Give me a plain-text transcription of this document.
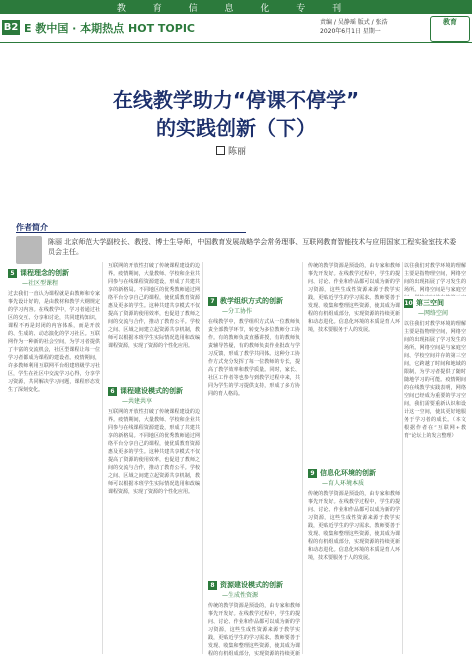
教 育 信 息 化 专 刊
B2 E 教中国 · 本期热点 HOT TOPIC	责编 / 吴静瑶 版式 / 张浩
2020年6月1日 星期一
教育
在线教学助力“停课不停学”
的实践创新（下）
陈丽
作者简介
陈丽 北京师范大学副校长、教授、博士生导师，中国教育发展战略学会常务理事、互联网教育智能技术与应用国家工程实验室技术委员会主任。
5 课程理念的创新
—社区型课程
过去我们一直认为课程就是由教师和专家事先设计好的，是由教材和教学大纲规定的学习内容。在线教学中，学习者通过社区的交互、分享和讨论，共同建构知识，课程不再是封闭的内容体系，而是开放的、生成的、动态演化的学习社区。互联网作为一种新的社会空间，为学习者提供了丰富的交流机会，社区型课程让每一位学习者都成为课程的建设者。疫情期间，许多教师利用互联网平台组建班级学习社区，学生在社区中交流学习心得，分享学习资源，共同解决学习问题，课程形态发生了深刻变化。
互联网的开放性打破了传统课程建设的边界。疫情期间，大量教师、学校和企业共同参与在线课程资源建设，形成了共建共享的新格局。不同地区的优秀教师通过网络平台分享自己的课程，使优质教育资源惠及更多的学生。这种共建共享模式不仅提高了资源的使用效率，也促进了教师之间的交流与合作，推动了教育公平。学校之间、区域之间建立起资源共享机制，教师可以根据本班学生实际情况选用和改编课程资源，实现了资源的个性化应用。
6 课程建设模式的创新
—共建共享
互联网的开放性打破了传统课程建设的边界。疫情期间，大量教师、学校和企业共同参与在线课程资源建设，形成了共建共享的新格局。不同地区的优秀教师通过网络平台分享自己的课程，使优质教育资源惠及更多的学生。这种共建共享模式不仅提高了资源的使用效率，也促进了教师之间的交流与合作，推动了教育公平。学校之间、区域之间建立起资源共享机制，教师可以根据本班学生实际情况选用和改编课程资源，实现了资源的个性化应用。
7 教学组织方式的创新
—分工协作
在线教学中，教学组织方式从一位教师负责全部教学环节，转变为多位教师分工协作。有的教师负责直播讲授，有的教师负责辅导答疑，有的教师负责作业批改与学习反馈，形成了教学共同体。这种分工协作方式充分发挥了每一位教师的专长，提高了教学效率和教学质量。同时，家长、社区工作者等也参与到教学过程中来，共同为学生的学习提供支持，形成了多方协同的育人格局。
8 资源建设模式的创新
—生成性资源
传统的教学资源是预设的，由专家和教师事先开发好。在线教学过程中，学生的提问、讨论、作业和作品都可以成为新的学习资源，这些生成性资源来源于教学实践，更贴近学生的学习需求。教师要善于发现、收集和整理这些资源，使其成为课程的有机组成部分，实现资源的持续更新
传统的教学资源是预设的，由专家和教师事先开发好。在线教学过程中，学生的提问、讨论、作业和作品都可以成为新的学习资源，这些生成性资源来源于教学实践，更贴近学生的学习需求。教师要善于发现、收集和整理这些资源，使其成为课程的有机组成部分，实现资源的持续更新和动态进化。信息化环境的本质是育人环境，技术要服务于人的发展。
9 信息化环境的创新
—育人环境本质
传统的教学资源是预设的，由专家和教师事先开发好。在线教学过程中，学生的提问、讨论、作业和作品都可以成为新的学习资源，这些生成性资源来源于教学实践，更贴近学生的学习需求。教师要善于发现、收集和整理这些资源，使其成为课程的有机组成部分，实现资源的持续更新和动态进化。信息化环境的本质是育人环境，技术要服务于人的发展。
以往我们对教学环境的理解主要是指物理空间，网络空间的出现拓展了学习发生的场所。网络空间是与家庭空
10 第三空间
—网络空间
以往我们对教学环境的理解主要是指物理空间，网络空间的出现拓展了学习发生的场所。网络空间是与家庭空间、学校空间并存的第三空间，它跨越了时间和地域的限制，为学习者提供了随时随地学习的可能。疫情期间的在线教学实践表明，网络空间已经成为重要的学习空间，我们需要重新认识和设计这一空间，使其更好地服务于学习者的成长。（本文根据作者在“互联网+教育”论坛上的发言整理）
